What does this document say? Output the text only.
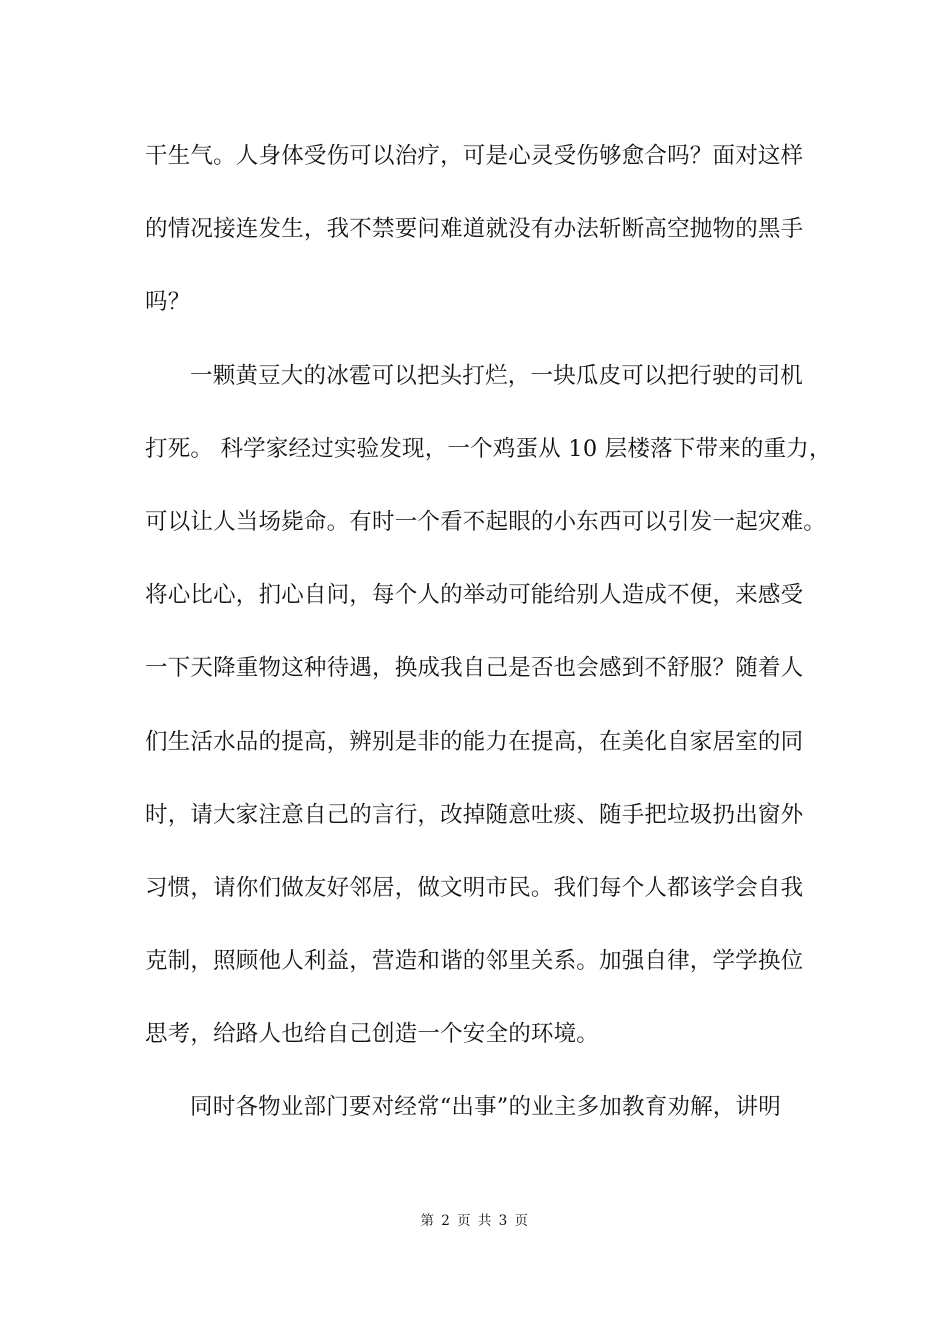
干生气。人身体受伤可以治疗，可是心灵受伤够愈合吗？面对这样
的情况接连发生，我不禁要问难道就没有办法斩断高空抛物的黑手
吗？
一颗黄豆大的冰雹可以把头打烂，一块瓜皮可以把行驶的司机
打死。 科学家经过实验发现，一个鸡蛋从 10 层楼落下带来的重力，
可以让人当场毙命。有时一个看不起眼的小东西可以引发一起灾难。
将心比心，扪心自问，每个人的举动可能给别人造成不便，来感受
一下天降重物这种待遇，换成我自己是否也会感到不舒服？随着人
们生活水品的提高，辨别是非的能力在提高，在美化自家居室的同
时，请大家注意自己的言行，改掉随意吐痰、随手把垃圾扔出窗外
习惯，请你们做友好邻居，做文明市民。我们每个人都该学会自我
克制，照顾他人利益，营造和谐的邻里关系。加强自律，学学换位
思考，给路人也给自己创造一个安全的环境。
同时各物业部门要对经常“出事”的业主多加教育劝解，讲明
第 2 页 共 3 页
